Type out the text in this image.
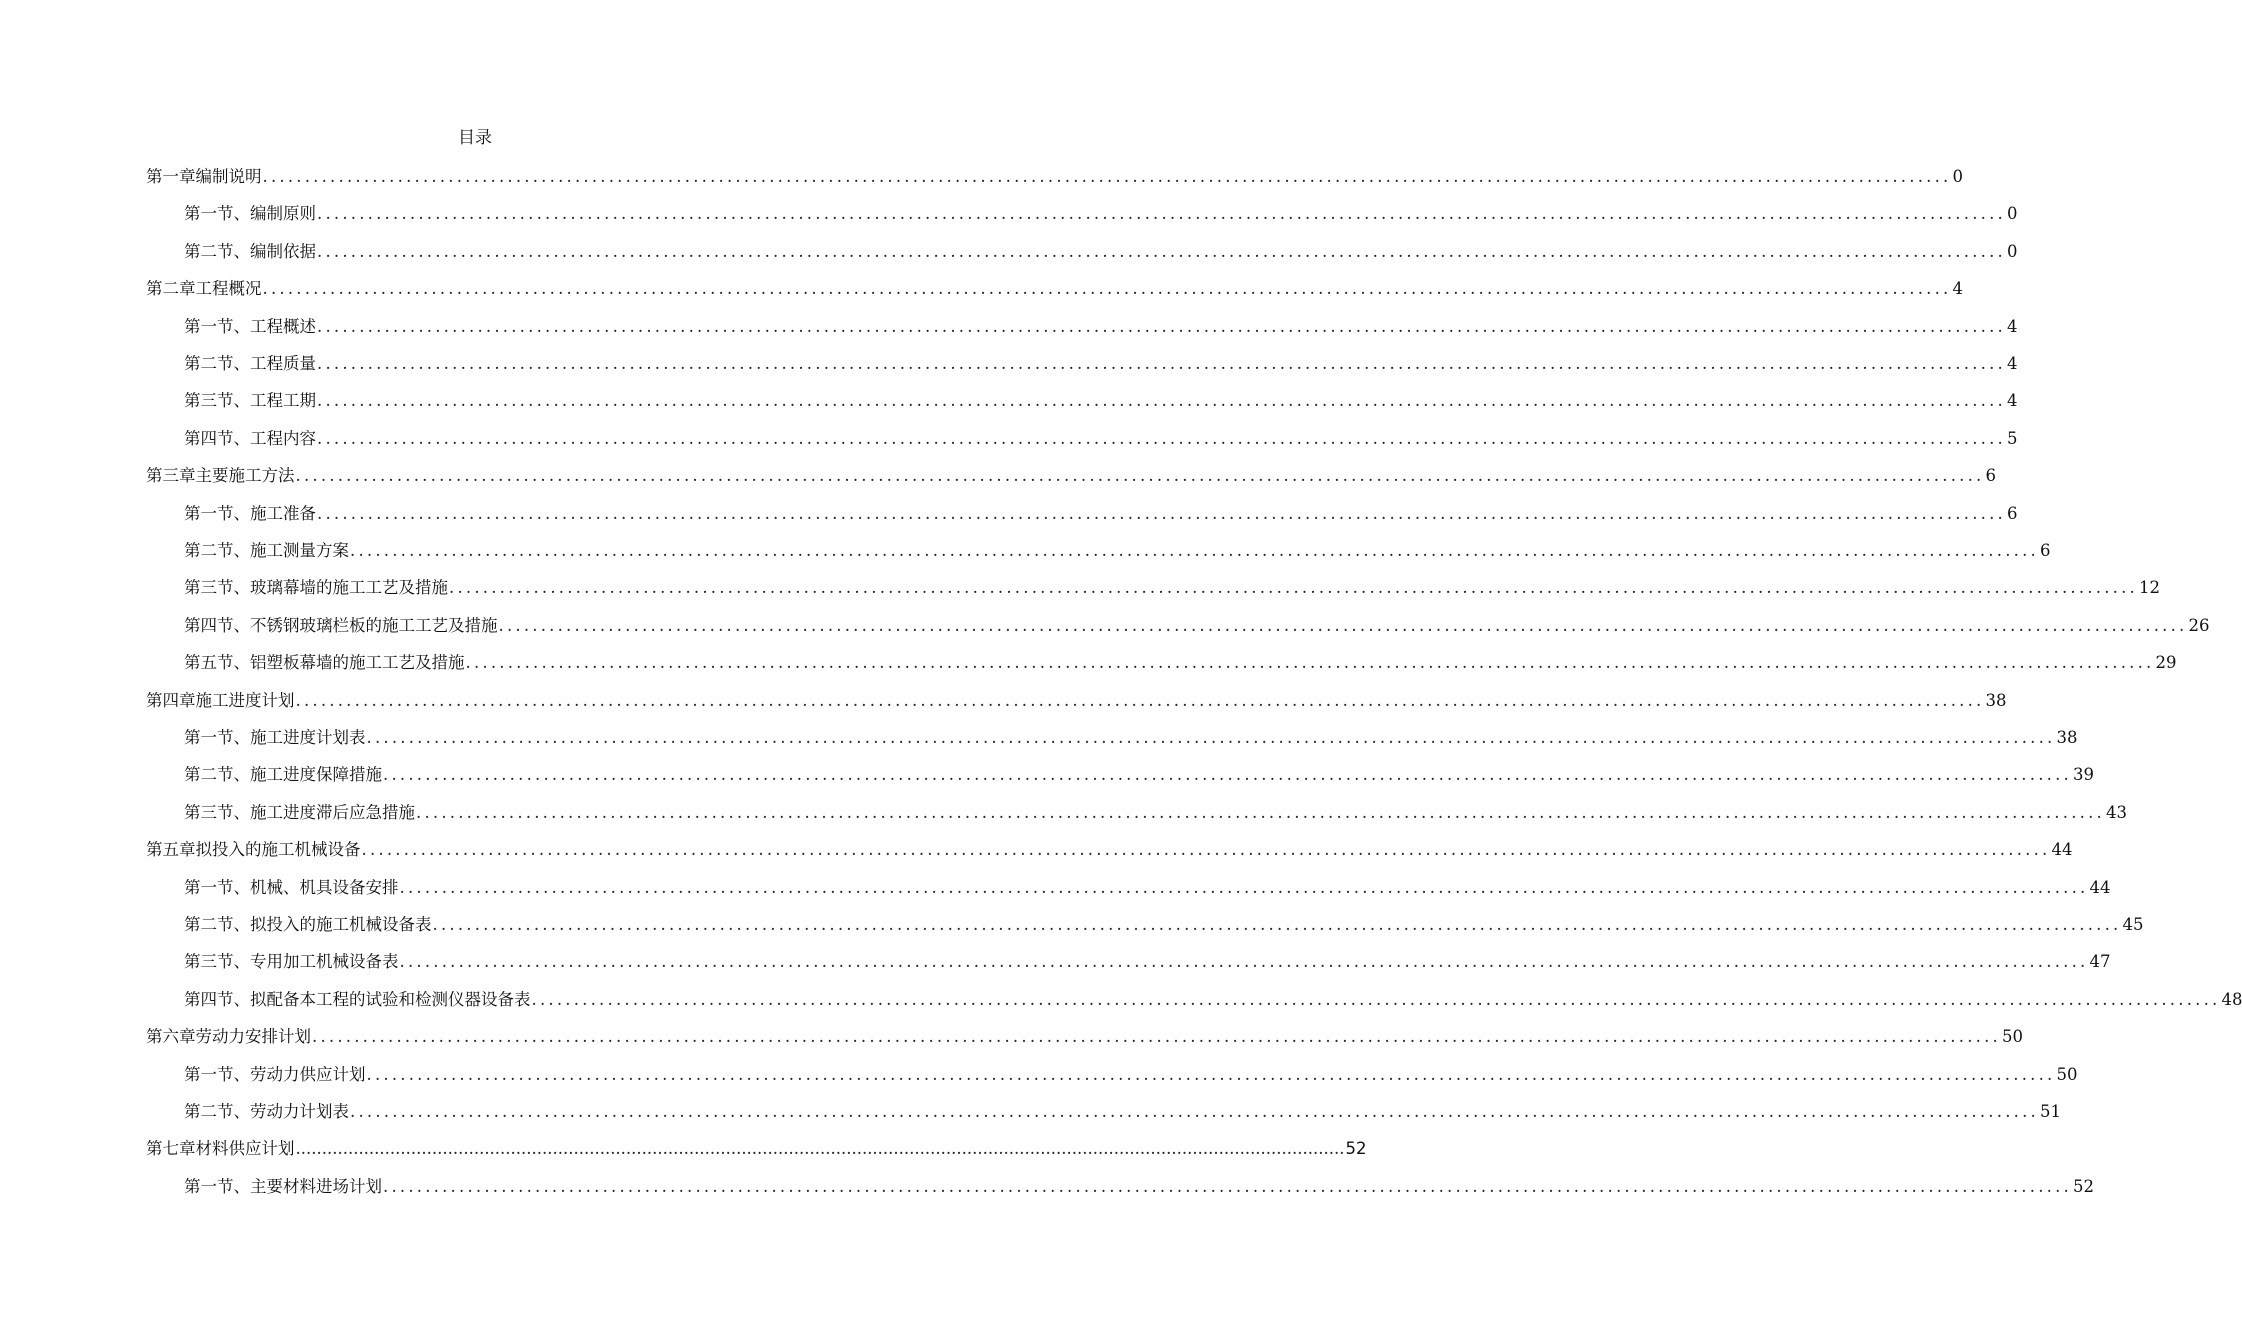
目录
第一章 编制说明 ........................................................................................................................................................................................................ 0
第一节、编制原则 ........................................................................................................................................................................................................ 0
第二节、编制依据 ........................................................................................................................................................................................................ 0
第二章 工程概况 ........................................................................................................................................................................................................ 4
第一节、工程概述 ........................................................................................................................................................................................................ 4
第二节、工程质量 ........................................................................................................................................................................................................ 4
第三节、工程工期 ........................................................................................................................................................................................................ 4
第四节、工程内容 ........................................................................................................................................................................................................ 5
第三章 主要施工方法 ........................................................................................................................................................................................................ 6
第一节、施工准备 ........................................................................................................................................................................................................ 6
第二节、施工测量方案 ........................................................................................................................................................................................................ 6
第三节、玻璃幕墙的施工工艺及措施 ........................................................................................................................................................................................................ 12
第四节、不锈钢玻璃栏板的施工工艺及措施 ........................................................................................................................................................................................................ 26
第五节、铝塑板幕墙的施工工艺及措施 ........................................................................................................................................................................................................ 29
第四章 施工进度计划 ........................................................................................................................................................................................................ 38
第一节、施工进度计划表 ........................................................................................................................................................................................................ 38
第二节、施工进度保障措施 ........................................................................................................................................................................................................ 39
第三节、施工进度滞后应急措施 ........................................................................................................................................................................................................ 43
第五章 拟投入的施工机械设备 ........................................................................................................................................................................................................ 44
第一节、机械、机具设备安排 ........................................................................................................................................................................................................ 44
第二节、拟投入的施工机械设备表 ........................................................................................................................................................................................................ 45
第三节、专用加工机械设备表 ........................................................................................................................................................................................................ 47
第四节、拟配备本工程的试验和检测仪器设备表 ........................................................................................................................................................................................................ 48
第六章 劳动力安排计划 ........................................................................................................................................................................................................ 50
第一节、劳动力供应计划 ........................................................................................................................................................................................................ 50
第二节、劳动力计划表 ........................................................................................................................................................................................................ 51
第七章 材料供应计划 ........................................................................................................................................................................................................ 52
第一节、主要材料进场计划 ........................................................................................................................................................................................................ 52
